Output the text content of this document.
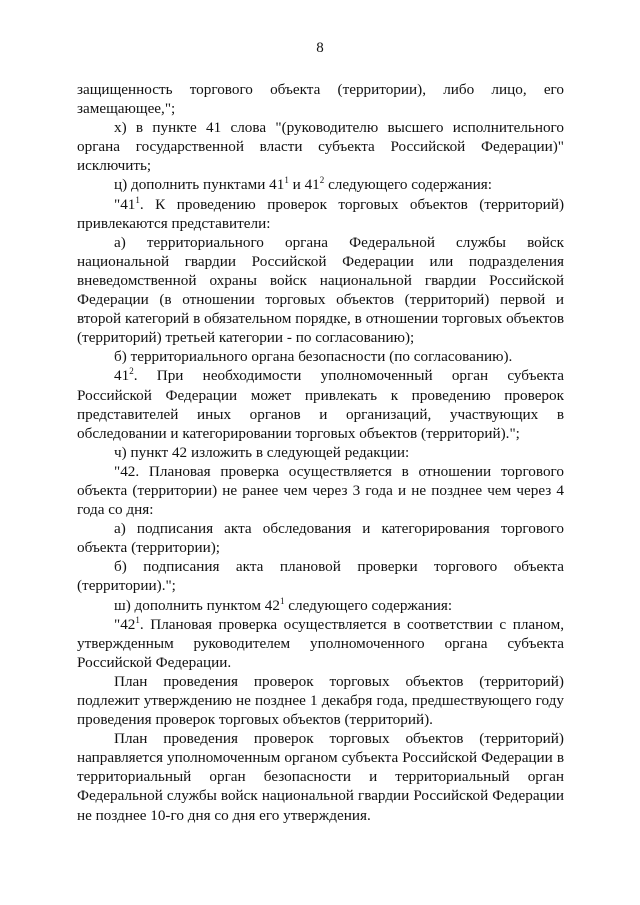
8

защищенность торгового объекта (территории), либо лицо, его замещающее,";

х) в пункте 41 слова "(руководителю высшего исполнительного органа государственной власти субъекта Российской Федерации)" исключить;

ц) дополнить пунктами $41^1$ и $41^2$ следующего содержания:

"$41^1$. К проведению проверок торговых объектов (территорий) привлекаются представители:

а) территориального органа Федеральной службы войск национальной гвардии Российской Федерации или подразделения вневедомственной охраны войск национальной гвардии Российской Федерации (в отношении торговых объектов (территорий) первой и второй категорий в обязательном порядке, в отношении торговых объектов (территорий) третьей категории - по согласованию);

б) территориального органа безопасности (по согласованию).

$41^2$. При необходимости уполномоченный орган субъекта Российской Федерации может привлекать к проведению проверок представителей иных органов и организаций, участвующих в обследовании и категорировании торговых объектов (территорий).";

ч) пункт 42 изложить в следующей редакции:

"42. Плановая проверка осуществляется в отношении торгового объекта (территории) не ранее чем через 3 года и не позднее чем через 4 года со дня:

а) подписания акта обследования и категорирования торгового объекта (территории);

б) подписания акта плановой проверки торгового объекта (территории).";

ш) дополнить пунктом $42^1$ следующего содержания:

"$42^1$. Плановая проверка осуществляется в соответствии с планом, утвержденным руководителем уполномоченного органа субъекта Российской Федерации.

План проведения проверок торговых объектов (территорий) подлежит утверждению не позднее 1 декабря года, предшествующего году проведения проверок торговых объектов (территорий).

План проведения проверок торговых объектов (территорий) направляется уполномоченным органом субъекта Российской Федерации в территориальный орган безопасности и территориальный орган Федеральной службы войск национальной гвардии Российской Федерации не позднее 10-го дня со дня его утверждения.
